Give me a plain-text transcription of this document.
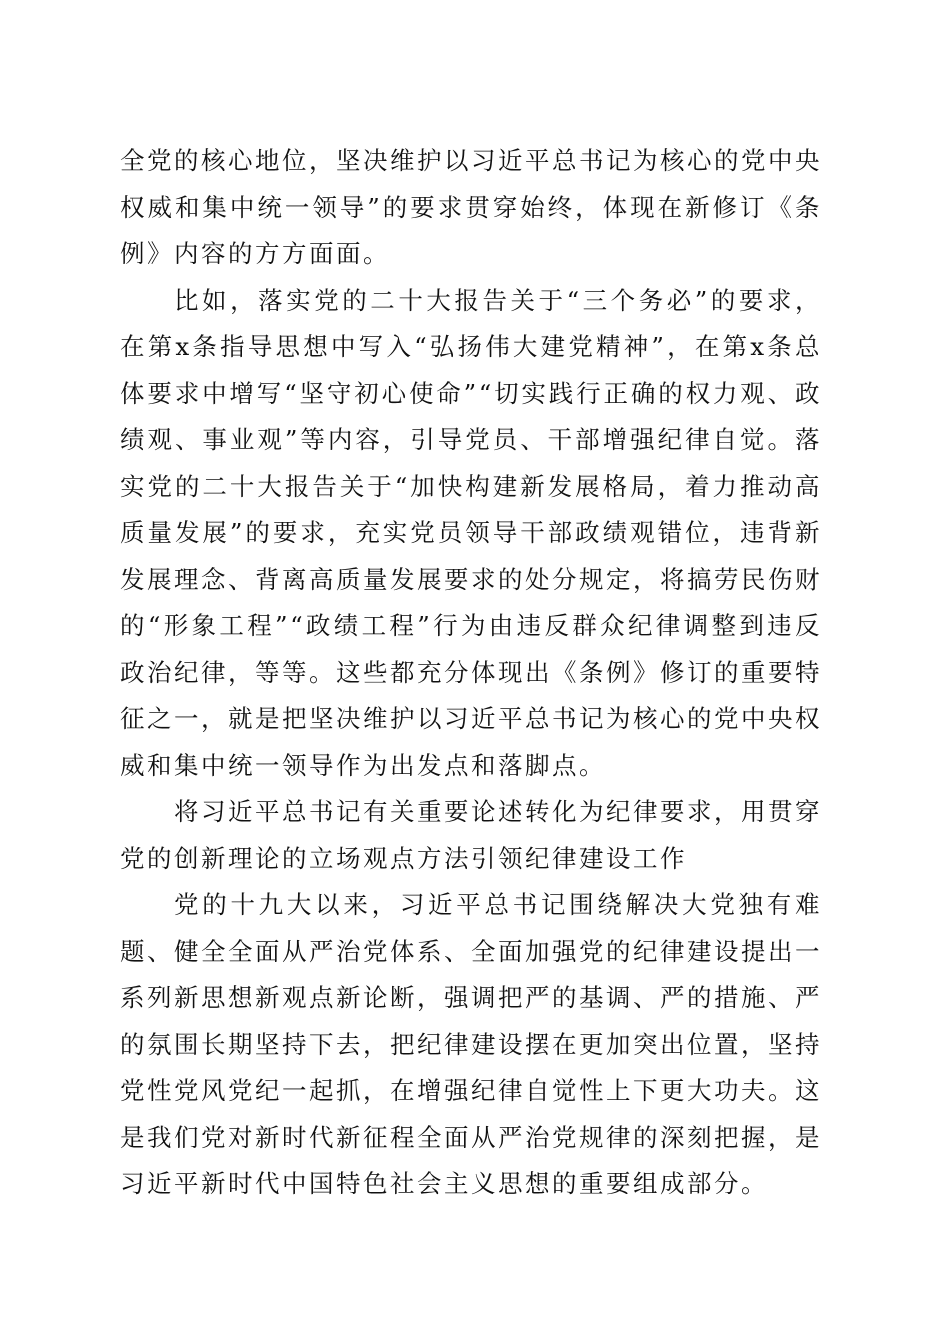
全党的核心地位，坚决维护以习近平总书记为核心的党中央权威和集中统一领导”的要求贯穿始终，体现在新修订《条例》内容的方方面面。

比如，落实党的二十大报告关于“三个务必”的要求，在第x条指导思想中写入“弘扬伟大建党精神”，在第x条总体要求中增写“坚守初心使命”“切实践行正确的权力观、政绩观、事业观”等内容，引导党员、干部增强纪律自觉。落实党的二十大报告关于“加快构建新发展格局，着力推动高质量发展”的要求，充实党员领导干部政绩观错位，违背新发展理念、背离高质量发展要求的处分规定，将搞劳民伤财的“形象工程”“政绩工程”行为由违反群众纪律调整到违反政治纪律，等等。这些都充分体现出《条例》修订的重要特征之一，就是把坚决维护以习近平总书记为核心的党中央权威和集中统一领导作为出发点和落脚点。

将习近平总书记有关重要论述转化为纪律要求，用贯穿党的创新理论的立场观点方法引领纪律建设工作

党的十九大以来，习近平总书记围绕解决大党独有难题、健全全面从严治党体系、全面加强党的纪律建设提出一系列新思想新观点新论断，强调把严的基调、严的措施、严的氛围长期坚持下去，把纪律建设摆在更加突出位置，坚持党性党风党纪一起抓，在增强纪律自觉性上下更大功夫。这是我们党对新时代新征程全面从严治党规律的深刻把握，是习近平新时代中国特色社会主义思想的重要组成部分。
